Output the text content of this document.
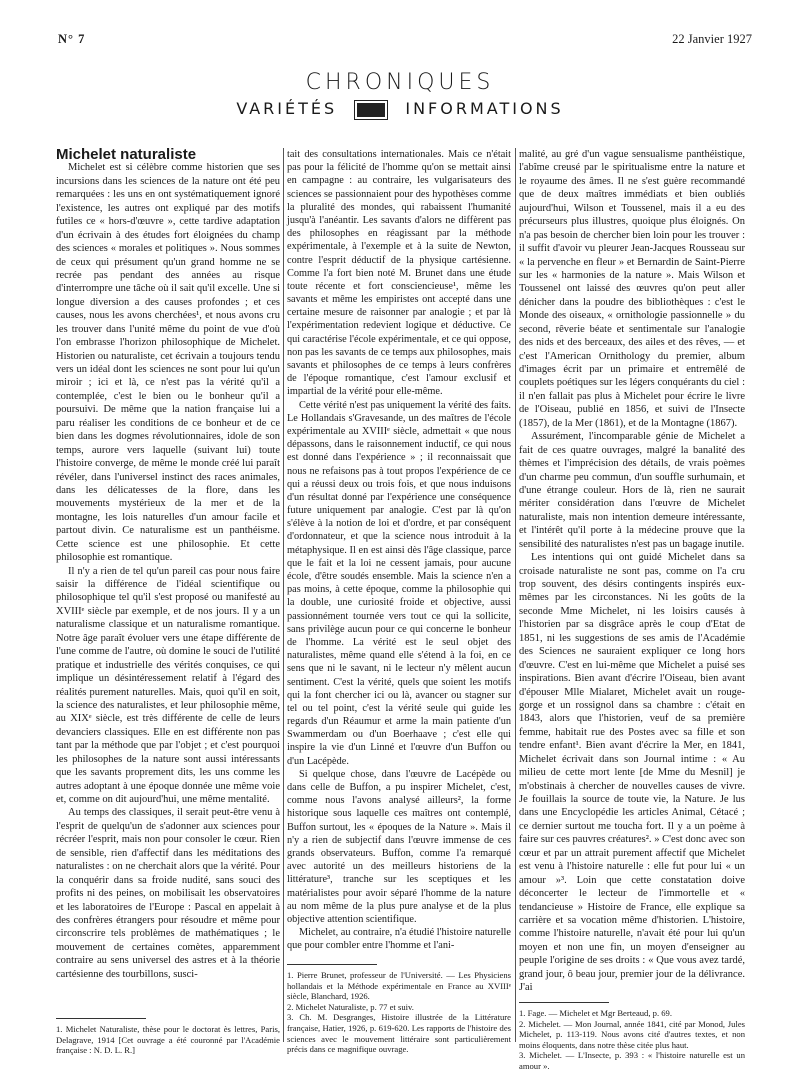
N° 7	22 Janvier 1927
CHRONIQUES
VARIÉTÉS	INFORMATIONS

Michelet naturaliste

Michelet est si célèbre comme historien que ses incursions dans les sciences de la nature ont été peu remarquées : les uns en ont systématiquement ignoré l'existence, les autres ont expliqué par des motifs futiles ce « hors-d'œuvre », cette tardive adaptation d'un écrivain à des études fort éloignées du champ des sciences « morales et politiques ». Nous sommes de ceux qui présument qu'un grand homme ne se recrée pas pendant des années au risque d'interrompre une tâche où il sait qu'il excelle. Une si longue diversion a des causes profondes ; et ces causes, nous les avons cherchées¹, et nous avons cru les trouver dans l'unité même du point de vue d'où l'on embrasse l'horizon philosophique de Michelet. Historien ou naturaliste, cet écrivain a toujours tendu vers un idéal dont les sciences ne sont pour lui qu'un miroir ; ici et là, ce n'est pas la vérité qu'il a contemplée, c'est le bien ou le bonheur qu'il a poursuivi. De même que la nation française lui a paru réaliser les conditions de ce bonheur et de ce bien dans les dogmes révolutionnaires, idole de son temps, aurore vers laquelle (suivant lui) toute l'histoire converge, de même le monde créé lui paraît révéler, dans l'universel instinct des races animales, dans les délicatesses de la flore, dans les mouvements mystérieux de la mer et de la montagne, les lois naturelles d'un amour facile et partout divin. Ce naturalisme est un panthéisme. Cette science est une philosophie. Et cette philosophie est romantique.

Il n'y a rien de tel qu'un pareil cas pour nous faire saisir la différence de l'idéal scientifique ou philosophique tel qu'il s'est proposé ou manifesté au XVIIIᵉ siècle par exemple, et de nos jours. Il y a un naturalisme classique et un naturalisme romantique. Notre âge paraît évoluer vers une étape différente de l'une comme de l'autre, où domine le souci de l'utilité pratique et industrielle des vérités conquises, ce qui implique un désintéressement relatif à l'égard des réalités purement naturelles. Mais, quoi qu'il en soit, la science des naturalistes, et leur philosophie même, au XIXᵉ siècle, est très différente de celle de leurs devanciers classiques. Elle en est différente non pas tant par la méthode que par l'objet ; et c'est pourquoi les philosophes de la nature sont aussi intéressants que les savants proprement dits, les uns comme les autres adoptant à une époque donnée une même voie et, comme on dit aujourd'hui, une même mentalité.

Au temps des classiques, il serait peut-être venu à l'esprit de quelqu'un de s'adonner aux sciences pour récréer l'esprit, mais non pour consoler le cœur. Rien de sensible, rien d'affectif dans les méditations des naturalistes : on ne cherchait alors que la vérité. Pour la conquérir dans sa froide nudité, sans souci des profits ni des peines, on mobilisait les observatoires et les laboratoires de l'Europe : Pascal en appelait à des confrères étrangers pour résoudre et même pour circonscrire tels problèmes de mathématiques ; le mouvement de certaines comètes, apparemment contraire au sens universel des astres et à la théorie cartésienne des tourbillons, susci-

tait des consultations internationales. Mais ce n'était pas pour la félicité de l'homme qu'on se mettait ainsi en campagne : au contraire, les vulgarisateurs des sciences se passionnaient pour des hypothèses comme la pluralité des mondes, qui rabaissent l'humanité jusqu'à l'anéantir. Les savants d'alors ne diffèrent pas des philosophes en réagissant par la méthode expérimentale, à l'exemple et à la suite de Newton, contre l'esprit déductif de la physique cartésienne. Comme l'a fort bien noté M. Brunet dans une étude toute récente et fort consciencieuse¹, même les savants et même les empiristes ont accepté dans une certaine mesure de raisonner par analogie ; et par là l'expérimentation redevient logique et déductive. Ce qui caractérise l'école expérimentale, et ce qui oppose, non pas les savants de ce temps aux philosophes, mais savants et philosophes de ce temps à leurs confrères de l'époque romantique, c'est l'amour exclusif et impartial de la vérité pour elle-même.

Cette vérité n'est pas uniquement la vérité des faits. Le Hollandais s'Gravesande, un des maîtres de l'école expérimentale au XVIIIᵉ siècle, admettait « que nous dépassons, dans le raisonnement inductif, ce qui nous est donné dans l'expérience » ; il reconnaissait que nous ne refaisons pas à tout propos l'expérience de ce qui a réussi deux ou trois fois, et que nous induisons d'un résultat donné par l'expérience une conséquence future uniquement par analogie. C'est par là qu'on s'élève à la notion de loi et d'ordre, et par conséquent d'ordonnateur, et que la science nous introduit à la métaphysique. Il en est ainsi dès l'âge classique, parce que le fait et la loi ne cessent jamais, pour aucune école, d'être soudés ensemble. Mais la science n'en a pas moins, à cette époque, comme la philosophie qui la double, une curiosité froide et objective, aussi passionnément tournée vers tout ce qui la sollicite, sans privilège aucun pour ce qui concerne le bonheur de l'homme. La vérité est le seul objet des naturalistes, même quand elle s'étend à la foi, en ce sens que ni le savant, ni le lecteur n'y mêlent aucun sentiment. C'est la vérité, quels que soient les motifs qui la font chercher ici ou là, avancer ou stagner sur tel ou tel point, c'est la vérité seule qui guide les regards d'un Réaumur et arme la main patiente d'un Swammerdam ou d'un Boerhaave ; c'est elle qui inspire la vie d'un Linné et l'œuvre d'un Buffon ou d'un Lacépède.

Si quelque chose, dans l'œuvre de Lacépède ou dans celle de Buffon, a pu inspirer Michelet, c'est, comme nous l'avons analysé ailleurs², la forme historique sous laquelle ces maîtres ont contemplé, Buffon surtout, les « époques de la Nature ». Mais il n'y a rien de subjectif dans l'œuvre immense de ces grands observateurs. Buffon, comme l'a remarqué avec autorité un des meilleurs historiens de la littérature³, tranche sur les sceptiques et les matérialistes pour avoir séparé l'homme de la nature au nom même de la plus pure analyse et de la plus objective attention scientifique.

Michelet, au contraire, n'a étudié l'histoire naturelle que pour combler entre l'homme et l'ani-

malité, au gré d'un vague sensualisme panthéistique, l'abîme creusé par le spiritualisme entre la nature et le royaume des âmes. Il ne s'est guère recommandé que de deux maîtres immédiats et bien oubliés aujourd'hui, Wilson et Toussenel, mais il a eu des précurseurs plus illustres, quoique plus éloignés. On n'a pas besoin de chercher bien loin pour les trouver : il suffit d'avoir vu pleurer Jean-Jacques Rousseau sur « la pervenche en fleur » et Bernardin de Saint-Pierre sur les « harmonies de la nature ». Mais Wilson et Toussenel ont laissé des œuvres qu'on peut aller dénicher dans la poudre des bibliothèques : c'est le Monde des oiseaux, « ornithologie passionnelle » du second, rêverie béate et sentimentale sur l'analogie des nids et des berceaux, des ailes et des rêves, — et c'est l'American Ornithology du premier, album d'images écrit par un primaire et entremêlé de couplets poétiques sur les légers conquérants du ciel : il n'en fallait pas plus à Michelet pour écrire le livre de l'Oiseau, publié en 1856, et suivi de l'Insecte (1857), de la Mer (1861), et de la Montagne (1867).

Assurément, l'incomparable génie de Michelet a fait de ces quatre ouvrages, malgré la banalité des thèmes et l'imprécision des détails, de vrais poèmes d'un charme peu commun, d'un souffle surhumain, et d'une étrange couleur. Hors de là, rien ne saurait mériter considération dans l'œuvre de Michelet naturaliste, mais non intention demeure intéressante, et l'intérêt qu'il porte à la médecine prouve que la sensibilité des naturalistes n'est pas un bagage inutile.

Les intentions qui ont guidé Michelet dans sa croisade naturaliste ne sont pas, comme on l'a cru trop souvent, des désirs contingents inspirés eux-mêmes par les circonstances. Ni les goûts de la seconde Mme Michelet, ni les loisirs causés à l'historien par sa disgrâce après le coup d'Etat de 1851, ni les suggestions de ses amis de l'Académie des Sciences ne sauraient expliquer ce long hors d'œuvre. C'est en lui-même que Michelet a puisé ses inspirations. Bien avant d'écrire l'Oiseau, bien avant d'épouser Mlle Mialaret, Michelet avait un rouge-gorge et un rossignol dans sa chambre : c'était en 1843, alors que l'historien, veuf de sa première femme, habitait rue des Postes avec sa fille et son tendre enfant¹. Bien avant d'écrire la Mer, en 1841, Michelet écrivait dans son Journal intime : « Au milieu de cette mort lente [de Mme du Mesnil] je m'obstinais à chercher de nouvelles causes de vivre. Je fouillais la source de toute vie, la Nature. Je lus dans une Encyclopédie les articles Animal, Cétacé ; ce dernier surtout me toucha fort. Il y a un poème à faire sur ces pauvres créatures². » C'est donc avec son cœur et par un attrait purement affectif que Michelet est venu à l'histoire naturelle : elle fut pour lui « un amour »³. Loin que cette constatation doive déconcerter le lecteur de l'immortelle et « tendancieuse » Histoire de France, elle explique sa carrière et sa vocation même d'historien. L'histoire, comme l'histoire naturelle, n'avait été pour lui qu'un moyen et non une fin, un moyen d'enseigner au peuple l'origine de ses droits : « Que vous avez tardé, grand jour, ô beau jour, premier jour de la délivrance. J'ai

1. Michelet Naturaliste, thèse pour le doctorat ès lettres, Paris, Delagrave, 1914 [Cet ouvrage a été couronné par l'Académie française : N. D. L. R.]

1. Pierre Brunet, professeur de l'Université. — Les Physiciens hollandais et la Méthode expérimentale en France au XVIIIᵉ siècle, Blanchard, 1926.

2. Michelet Naturaliste, p. 77 et suiv.

3. Ch. M. Desgranges, Histoire illustrée de la Littérature française, Hatier, 1926, p. 619-620. Les rapports de l'histoire des sciences avec le mouvement littéraire sont particulièrement précis dans ce magnifique ouvrage.

1. Fage. — Michelet et Mgr Berteaud, p. 69.

2. Michelet. — Mon Journal, année 1841, cité par Monod, Jules Michelet, p. 113-119. Nous avons cité d'autres textes, et non moins éloquents, dans notre thèse citée plus haut.

3. Michelet. — L'Insecte, p. 393 : « l'histoire naturelle est un amour ».
